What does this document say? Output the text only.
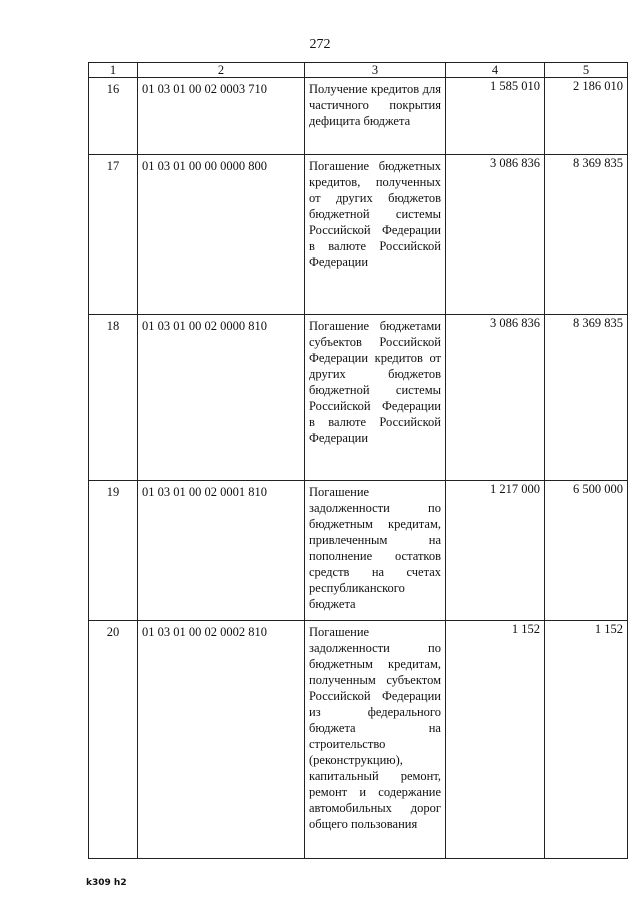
272
1	2	3	4	5
16	01 03 01 00 02 0003 710	Получение кредитов для частичного покрытия дефицита бюджета	1 585 010	2 186 010
17	01 03 01 00 00 0000 800	Погашение бюджетных кредитов, полученных от других бюджетов бюджетной системы Российской Федерации в валюте Российской Федерации	3 086 836	8 369 835
18	01 03 01 00 02 0000 810	Погашение бюджетами субъектов Российской Федерации кредитов от других бюджетов бюджетной системы Российской Федерации в валюте Российской Федерации	3 086 836	8 369 835
19	01 03 01 00 02 0001 810	Погашение задолженности по бюджетным кредитам, привлеченным на пополнение остатков средств на счетах республиканского бюджета	1 217 000	6 500 000
20	01 03 01 00 02 0002 810	Погашение задолженности по бюджетным кредитам, полученным субъектом Российской Федерации из федерального бюджета на строительство (реконструкцию), капитальный ремонт, ремонт и содержание автомобильных дорог общего пользования	1 152	1 152
k309 h2
